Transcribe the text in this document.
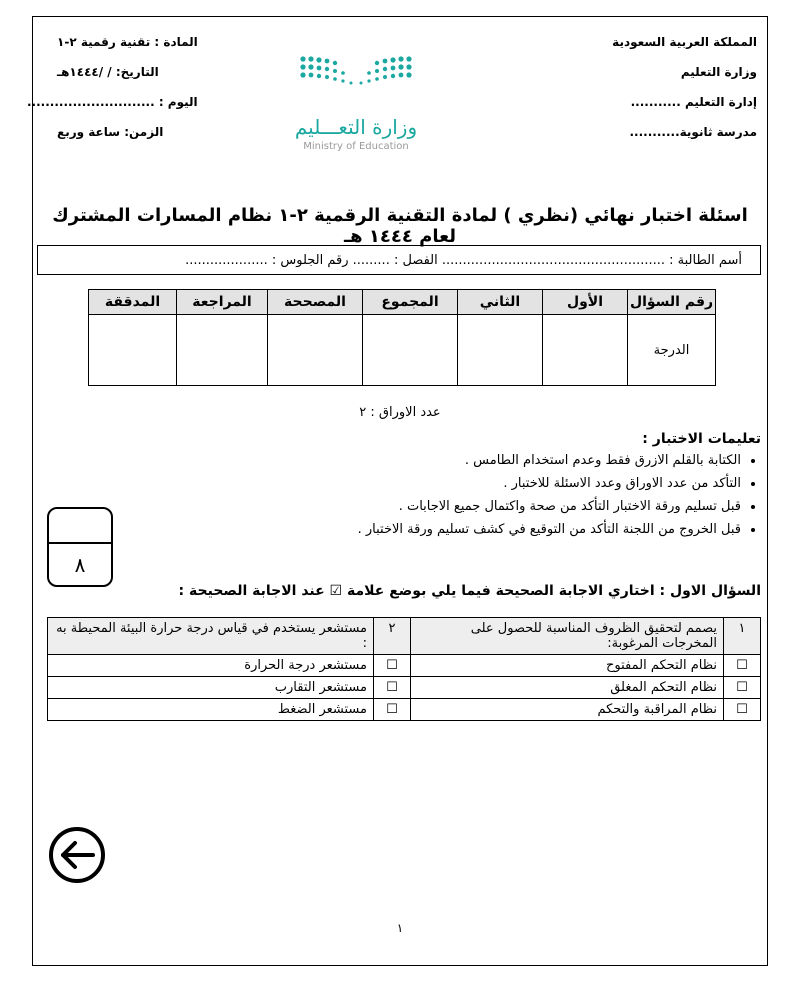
المملكة العربية السعودية
وزارة التعليم
إدارة التعليم ...........
مدرسة ثانوية...........
المادة : تقنية رقمية ٢-١
التاريخ: / /١٤٤٤هـ
اليوم : ............................
الزمن: ساعة وربع	وزارة التعـــليم
Ministry of Education
اسئلة اختبار نهائي (نظري ) لمادة التقنية الرقمية ٢-١ نظام المسارات المشترك لعام ١٤٤٤ هـ
أسم الطالبة : ...................................................... الفصل : ......... رقم الجلوس : ....................
رقم السؤال	الأول	الثاني	المجموع	المصححة	المراجعة	المدققة
الدرجة						
عدد الاوراق : ٢
تعليمات الاختبار :
• الكتابة بالقلم الازرق فقط وعدم استخدام الطامس .
• التأكد من عدد الاوراق وعدد الاسئلة للاختبار .
• قبل تسليم ورقة الاختبار التأكد من صحة واكتمال جميع الاجابات .
• قبل الخروج من اللجنة التأكد من التوقيع في كشف تسليم ورقة الاختبار .
٨
السؤال الاول : اختاري الاجابة الصحيحة فيما يلي بوضع علامة ☑ عند الاجابة الصحيحة :
١	يصمم لتحقيق الظروف المناسبة للحصول على المخرجات المرغوبة:	٢	مستشعر يستخدم في قياس درجة حرارة البيئة المحيطة به :
☐	نظام التحكم المفتوح	☐	مستشعر درجة الحرارة
☐	نظام التحكم المغلق	☐	مستشعر التقارب
☐	نظام المراقبة والتحكم	☐	مستشعر الضغط
١
